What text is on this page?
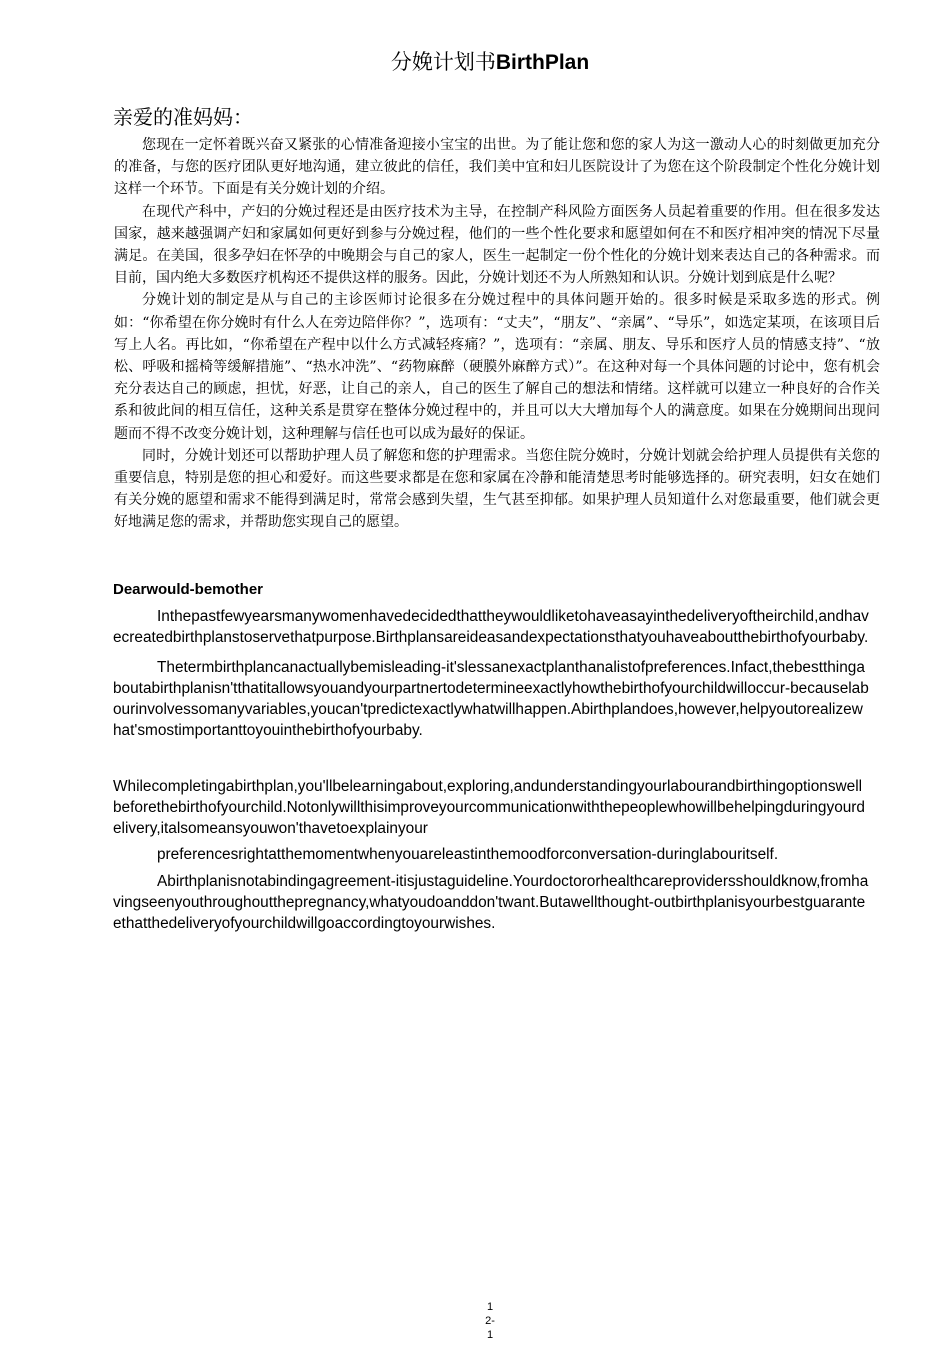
分娩计划书BirthPlan
亲爱的准妈妈：

您现在一定怀着既兴奋又紧张的心情准备迎接小宝宝的出世。为了能让您和您的家人为这一激动人心的时刻做更加充分的准备，与您的医疗团队更好地沟通，建立彼此的信任，我们美中宜和妇儿医院设计了为您在这个阶段制定个性化分娩计划这样一个环节。下面是有关分娩计划的介绍。

在现代产科中，产妇的分娩过程还是由医疗技术为主导，在控制产科风险方面医务人员起着重要的作用。但在很多发达国家，越来越强调产妇和家属如何更好到参与分娩过程，他们的一些个性化要求和愿望如何在不和医疗相冲突的情况下尽量满足。在美国，很多孕妇在怀孕的中晚期会与自己的家人，医生一起制定一份个性化的分娩计划来表达自己的各种需求。而目前，国内绝大多数医疗机构还不提供这样的服务。因此，分娩计划还不为人所熟知和认识。分娩计划到底是什么呢？

分娩计划的制定是从与自己的主诊医师讨论很多在分娩过程中的具体问题开始的。很多时候是采取多选的形式。例如：“你希望在你分娩时有什么人在旁边陪伴你？”，选项有：“丈夫”，“朋友”、“亲属”、“导乐”，如选定某项，在该项目后写上人名。再比如，“你希望在产程中以什么方式减轻疼痛？”，选项有：“亲属、朋友、导乐和医疗人员的情感支持”、“放松、呼吸和摇椅等缓解措施”、“热水冲洗”、“药物麻醉（硬膜外麻醉方式）”。在这种对每一个具体问题的讨论中，您有机会充分表达自己的顾虑，担忧，好恶，让自己的亲人，自己的医生了解自己的想法和情绪。这样就可以建立一种良好的合作关系和彼此间的相互信任，这种关系是贯穿在整体分娩过程中的，并且可以大大增加每个人的满意度。如果在分娩期间出现问题而不得不改变分娩计划，这种理解与信任也可以成为最好的保证。

同时，分娩计划还可以帮助护理人员了解您和您的护理需求。当您住院分娩时，分娩计划就会给护理人员提供有关您的重要信息，特别是您的担心和爱好。而这些要求都是在您和家属在冷静和能清楚思考时能够选择的。研究表明，妇女在她们有关分娩的愿望和需求不能得到满足时，常常会感到失望，生气甚至抑郁。如果护理人员知道什么对您最重要，他们就会更好地满足您的需求，并帮助您实现自己的愿望。

Dearwould-bemother

Inthepastfewyearsmanywomenhavedecidedthattheywouldliketohaveasayinthedeliveryoftheirchild,andhavecreatedbirthplanstoservethatpurpose.Birthplansareideasandexpectationsthatyouhaveaboutthebirthofyourbaby.

Thetermbirthplancanactuallybemisleading-it'slessanexactplanthanalistofpreferences.Infact,thebestthingaboutabirthplanisn'tthatitallowsyouandyourpartnertodetermineexactlyhowthebirthofyourchildwilloccur-becauselabourinvolvessomanyvariables,youcan'tpredictexactlywhatwillhappen.Abirthplandoes,however,helpyoutorealizewhat'smostimportanttoyouinthebirthofyourbaby.

Whilecompletingabirthplan,you'llbelearningabout,exploring,andunderstandingyourlabourandbirthingoptionswellbeforethebirthofyourchild.Notonlywillthisimproveyourcommunicationwiththepeoplewhowillbehelpingduringyourdelivery,italsomeansyouwon'thavetoexplainyour

preferencesrightatthemomentwhenyouareleastinthemoodforconversation-duringlabouritself.

Abirthplanisnotabindingagreement-itisjustaguideline.Yourdoctororhealthcareprovidersshouldknow,fromhavingseenyouthroughoutthepregnancy,whatyoudoanddon'twant.Butawellthought-outbirthplanisyourbestguaranteethatthedeliveryofyourchildwillgoaccordingtoyourwishes.

1
2-
1
